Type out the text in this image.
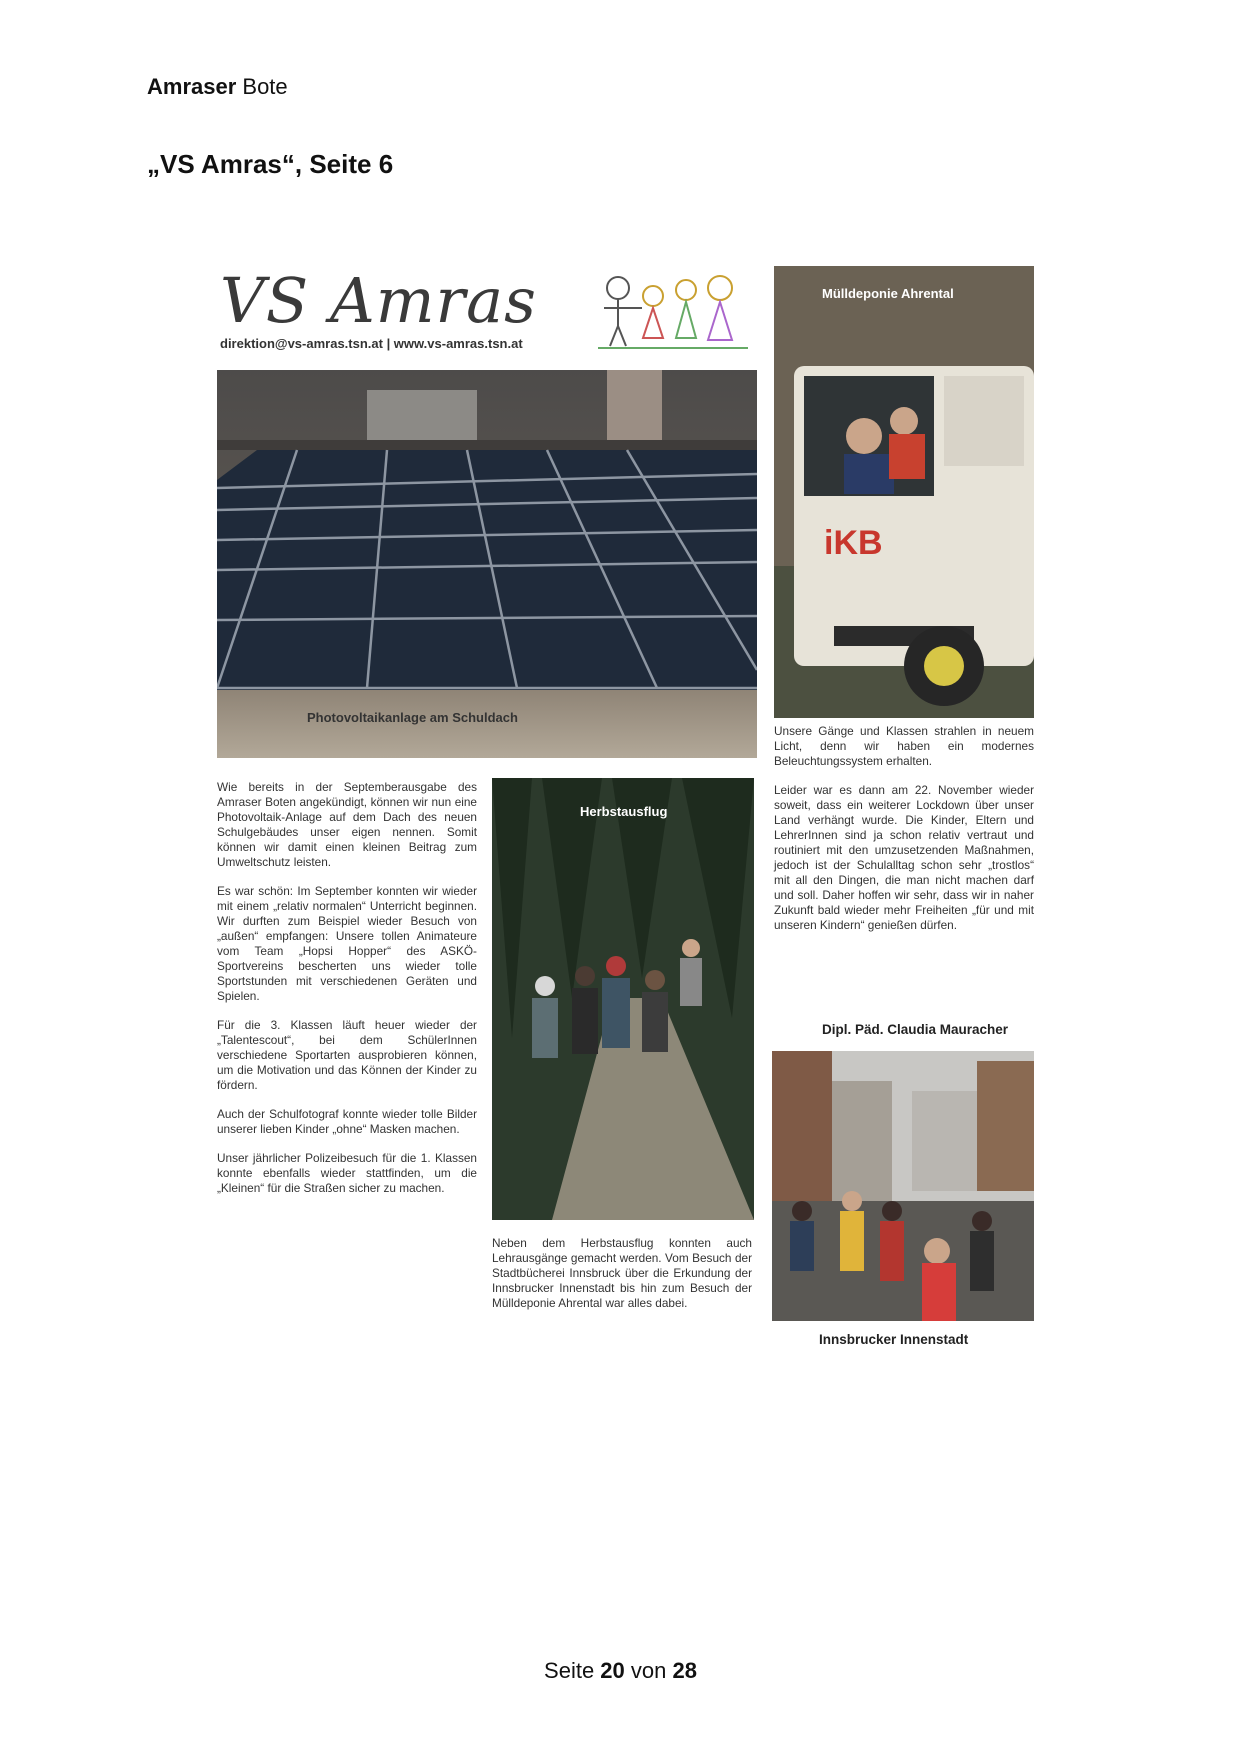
Amraser Bote
„VS Amras“, Seite 6
VS Amras
direktion@vs-amras.tsn.at | www.vs-amras.tsn.at
Photovoltaikanlage am Schuldach
Mülldeponie Ahrental
iKB

Wie bereits in der Septemberausgabe des Amraser Boten angekündigt, können wir nun eine Photovoltaik-Anlage auf dem Dach des neuen Schulgebäudes unser eigen nennen. Somit können wir damit einen kleinen Beitrag zum Umweltschutz leisten.

Es war schön: Im September konnten wir wieder mit einem „relativ normalen“ Unterricht beginnen. Wir durften zum Beispiel wieder Besuch von „außen“ empfangen: Unsere tollen Animateure vom Team „Hopsi Hopper“ des ASKÖ-Sportvereins bescherten uns wieder tolle Sportstunden mit verschiedenen Geräten und Spielen.

Für die 3. Klassen läuft heuer wieder der „Talentescout“, bei dem SchülerInnen verschiedene Sportarten ausprobieren können, um die Motivation und das Können der Kinder zu fördern.

Auch der Schulfotograf konnte wieder tolle Bilder unserer lieben Kinder „ohne“ Masken machen.

Unser jährlicher Polizeibesuch für die 1. Klassen konnte ebenfalls wieder stattfinden, um die „Kleinen“ für die Straßen sicher zu machen.

Herbstausflug
Neben dem Herbstausflug konnten auch Lehrausgänge gemacht werden. Vom Besuch der Stadtbücherei Innsbruck über die Erkundung der Innsbrucker Innenstadt bis hin zum Besuch der Mülldeponie Ahrental war alles dabei.

Unsere Gänge und Klassen strahlen in neuem Licht, denn wir haben ein modernes Beleuchtungssystem erhalten.

Leider war es dann am 22. November wieder soweit, dass ein weiterer Lockdown über unser Land verhängt wurde. Die Kinder, Eltern und LehrerInnen sind ja schon relativ vertraut und routiniert mit den umzusetzenden Maßnahmen, jedoch ist der Schulalltag schon sehr „trostlos“ mit all den Dingen, die man nicht machen darf und soll. Daher hoffen wir sehr, dass wir in naher Zukunft bald wieder mehr Freiheiten „für und mit unseren Kindern“ genießen dürfen.

Dipl. Päd. Claudia Mauracher
Innsbrucker Innenstadt
Seite 20 von 28
